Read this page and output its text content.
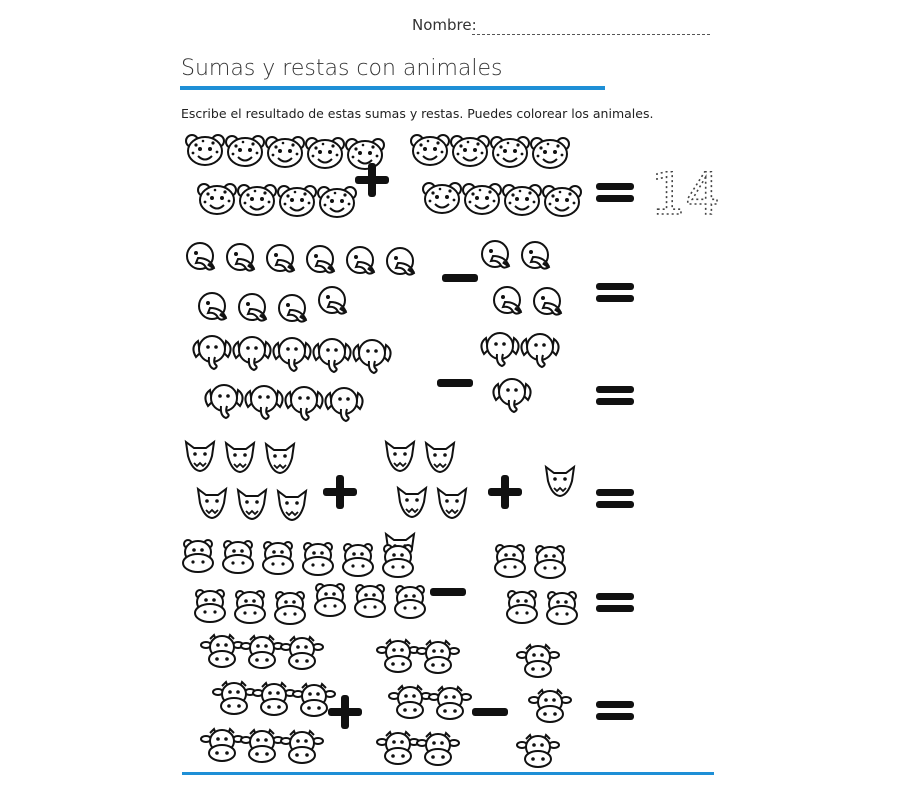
Nombre:
Sumas y restas con animales
Escribe el resultado de estas sumas y restas. Puedes colorear los animales.
14
